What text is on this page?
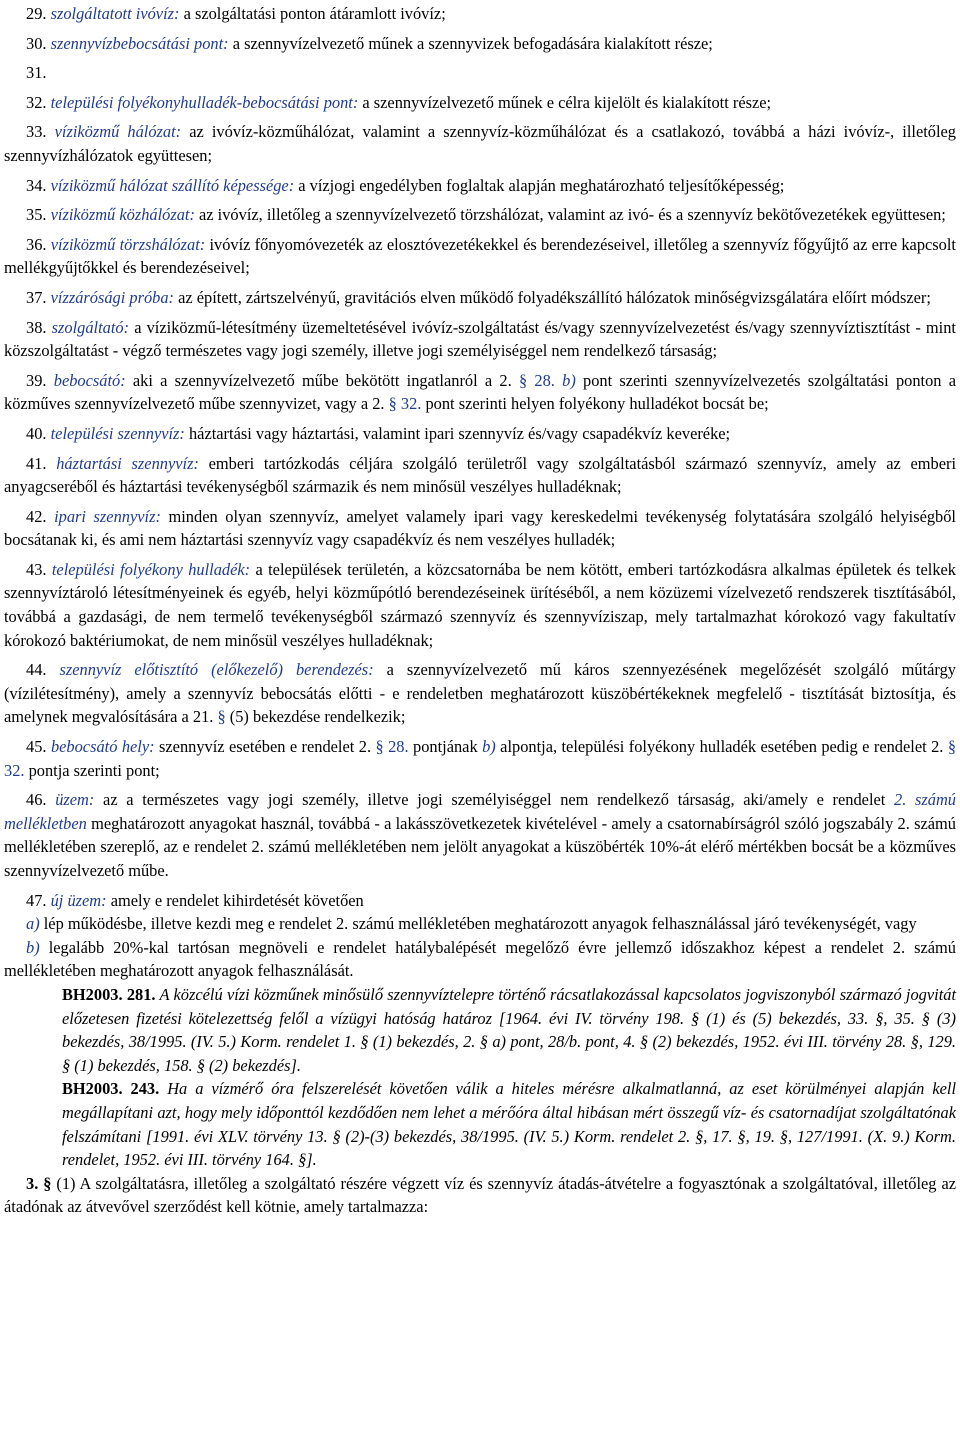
29. szolgáltatott ivóvíz: a szolgáltatási ponton átáramlott ivóvíz;

30. szennyvízbebocsátási pont: a szennyvízelvezető műnek a szennyvizek befogadására kialakított része;

31.

32. települési folyékonyhulladék-bebocsátási pont: a szennyvízelvezető műnek e célra kijelölt és kialakított része;

33. víziközmű hálózat: az ivóvíz-közműhálózat, valamint a szennyvíz-közműhálózat és a csatlakozó, továbbá a házi ivóvíz-, illetőleg szennyvízhálózatok együttesen;

34. víziközmű hálózat szállító képessége: a vízjogi engedélyben foglaltak alapján meghatározható teljesítőképesség;

35. víziközmű közhálózat: az ivóvíz, illetőleg a szennyvízelvezető törzshálózat, valamint az ivó- és a szennyvíz bekötővezetékek együttesen;

36. víziközmű törzshálózat: ivóvíz főnyomóvezeték az elosztóvezetékekkel és berendezéseivel, illetőleg a szennyvíz főgyűjtő az erre kapcsolt mellékgyűjtőkkel és berendezéseivel;

37. vízzárósági próba: az épített, zártszelvényű, gravitációs elven működő folyadékszállító hálózatok minőségvizsgálatára előírt módszer;

38. szolgáltató: a víziközmű-létesítmény üzemeltetésével ivóvíz-szolgáltatást és/vagy szennyvízelvezetést és/vagy szennyvíztisztítást - mint közszolgáltatást - végző természetes vagy jogi személy, illetve jogi személyiséggel nem rendelkező társaság;

39. bebocsátó: aki a szennyvízelvezető műbe bekötött ingatlanról a 2. § 28. b) pont szerinti szennyvízelvezetés szolgáltatási ponton a közműves szennyvízelvezető műbe szennyvizet, vagy a 2. § 32. pont szerinti helyen folyékony hulladékot bocsát be;

40. települési szennyvíz: háztartási vagy háztartási, valamint ipari szennyvíz és/vagy csapadékvíz keveréke;

41. háztartási szennyvíz: emberi tartózkodás céljára szolgáló területről vagy szolgáltatásból származó szennyvíz, amely az emberi anyagcseréből és háztartási tevékenységből származik és nem minősül veszélyes hulladéknak;

42. ipari szennyvíz: minden olyan szennyvíz, amelyet valamely ipari vagy kereskedelmi tevékenység folytatására szolgáló helyiségből bocsátanak ki, és ami nem háztartási szennyvíz vagy csapadékvíz és nem veszélyes hulladék;

43. települési folyékony hulladék: a települések területén, a közcsatornába be nem kötött, emberi tartózkodásra alkalmas épületek és telkek szennyvíztároló létesítményeinek és egyéb, helyi közműpótló berendezéseinek ürítéséből, a nem közüzemi vízelvezető rendszerek tisztításából, továbbá a gazdasági, de nem termelő tevékenységből származó szennyvíz és szennyvíziszap, mely tartalmazhat kórokozó vagy fakultatív kórokozó baktériumokat, de nem minősül veszélyes hulladéknak;

44. szennyvíz előtisztító (előkezelő) berendezés: a szennyvízelvezető mű káros szennyezésének megelőzését szolgáló műtárgy (vízilétesítmény), amely a szennyvíz bebocsátás előtti - e rendeletben meghatározott küszöbértékeknek megfelelő - tisztítását biztosítja, és amelynek megvalósítására a 21. § (5) bekezdése rendelkezik;

45. bebocsátó hely: szennyvíz esetében e rendelet 2. § 28. pontjának b) alpontja, települési folyékony hulladék esetében pedig e rendelet 2. § 32. pontja szerinti pont;

46. üzem: az a természetes vagy jogi személy, illetve jogi személyiséggel nem rendelkező társaság, aki/amely e rendelet 2. számú mellékletben meghatározott anyagokat használ, továbbá - a lakásszövetkezetek kivételével - amely a csatornabírságról szóló jogszabály 2. számú mellékletében szereplő, az e rendelet 2. számú mellékletében nem jelölt anyagokat a küszöbérték 10%-át elérő mértékben bocsát be a közműves szennyvízelvezető műbe.

47. új üzem: amely e rendelet kihirdetését követően

a) lép működésbe, illetve kezdi meg e rendelet 2. számú mellékletében meghatározott anyagok felhasználással járó tevékenységét, vagy

b) legalább 20%-kal tartósan megnöveli e rendelet hatálybalépését megelőző évre jellemző időszakhoz képest a rendelet 2. számú mellékletében meghatározott anyagok felhasználását.

BH2003. 281. A közcélú vízi közműnek minősülő szennyvíztelepre történő rácsatlakozással kapcsolatos jogviszonyból származó jogvitát előzetesen fizetési kötelezettség felől a vízügyi hatóság határoz [1964. évi IV. törvény 198. § (1) és (5) bekezdés, 33. §, 35. § (3) bekezdés, 38/1995. (IV. 5.) Korm. rendelet 1. § (1) bekezdés, 2. § a) pont, 28/b. pont, 4. § (2) bekezdés, 1952. évi III. törvény 28. §, 129. § (1) bekezdés, 158. § (2) bekezdés].

BH2003. 243. Ha a vízmérő óra felszerelését követően válik a hiteles mérésre alkalmatlanná, az eset körülményei alapján kell megállapítani azt, hogy mely időponttól kezdődően nem lehet a mérőóra által hibásan mért összegű víz- és csatornadíjat szolgáltatónak felszámítani [1991. évi XLV. törvény 13. § (2)-(3) bekezdés, 38/1995. (IV. 5.) Korm. rendelet 2. §, 17. §, 19. §, 127/1991. (X. 9.) Korm. rendelet, 1952. évi III. törvény 164. §].

3. § (1) A szolgáltatásra, illetőleg a szolgáltató részére végzett víz és szennyvíz átadás-átvételre a fogyasztónak a szolgáltatóval, illetőleg az átadónak az átvevővel szerződést kell kötnie, amely tartalmazza:
